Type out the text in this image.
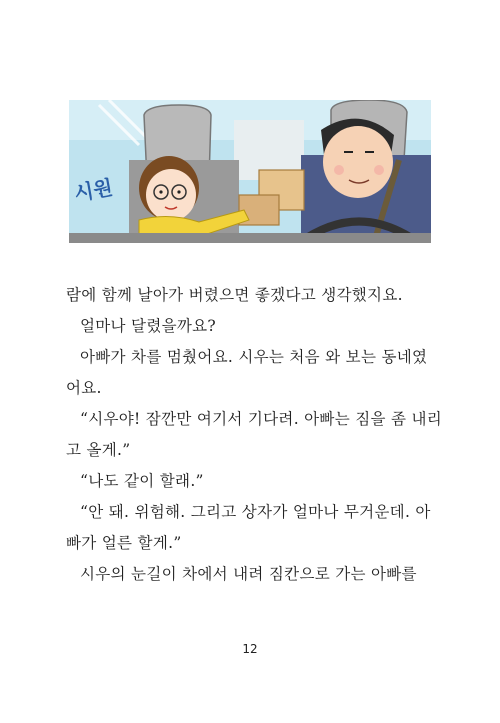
시원

람에 함께 날아가 버렸으면 좋겠다고 생각했지요.

얼마나 달렸을까요?

아빠가 차를 멈췄어요. 시우는 처음 와 보는 동네였

어요.

“시우야! 잠깐만 여기서 기다려. 아빠는 짐을 좀 내리

고 올게.”

“나도 같이 할래.”

“안 돼. 위험해. 그리고 상자가 얼마나 무거운데. 아

빠가 얼른 할게.”

시우의 눈길이 차에서 내려 짐칸으로 가는 아빠를

12
